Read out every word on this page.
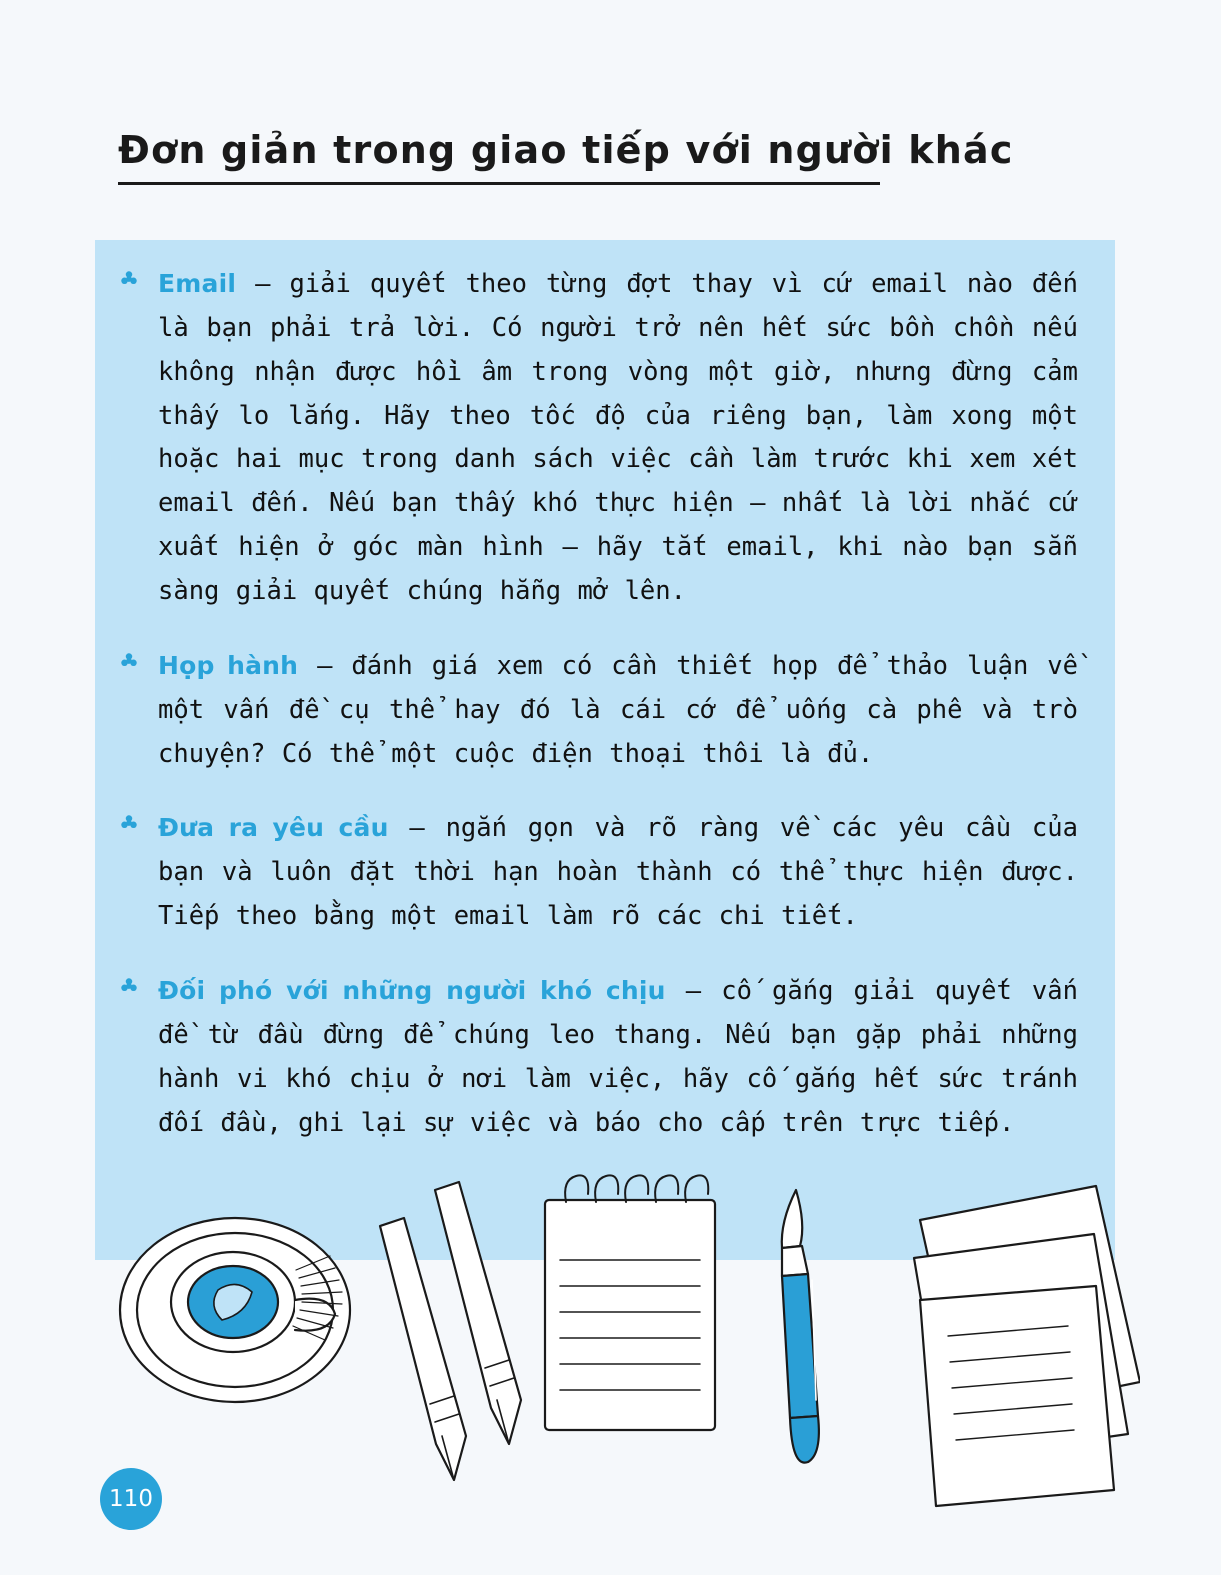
Đơn giản trong giao tiếp với người khác
Email — giải quyết theo từng đợt thay vì cứ email nào đến là bạn phải trả lời. Có người trở nên hết sức bồn chồn nếu không nhận được hồi âm trong vòng một giờ, nhưng đừng cảm thấy lo lắng. Hãy theo tốc độ của riêng bạn, làm xong một hoặc hai mục trong danh sách việc cần làm trước khi xem xét email đến. Nếu bạn thấy khó thực hiện — nhất là lời nhắc cứ xuất hiện ở góc màn hình — hãy tắt email, khi nào bạn sẵn sàng giải quyết chúng hẵng mở lên.
Họp hành — đánh giá xem có cần thiết họp để thảo luận về một vấn đề cụ thể hay đó là cái cớ để uống cà phê và trò chuyện? Có thể một cuộc điện thoại thôi là đủ.
Đưa ra yêu cầu — ngắn gọn và rõ ràng về các yêu cầu của bạn và luôn đặt thời hạn hoàn thành có thể thực hiện được. Tiếp theo bằng một email làm rõ các chi tiết.
Đối phó với những người khó chịu — cố gắng giải quyết vấn đề từ đầu đừng để chúng leo thang. Nếu bạn gặp phải những hành vi khó chịu ở nơi làm việc, hãy cố gắng hết sức tránh đối đầu, ghi lại sự việc và báo cho cấp trên trực tiếp.
110
